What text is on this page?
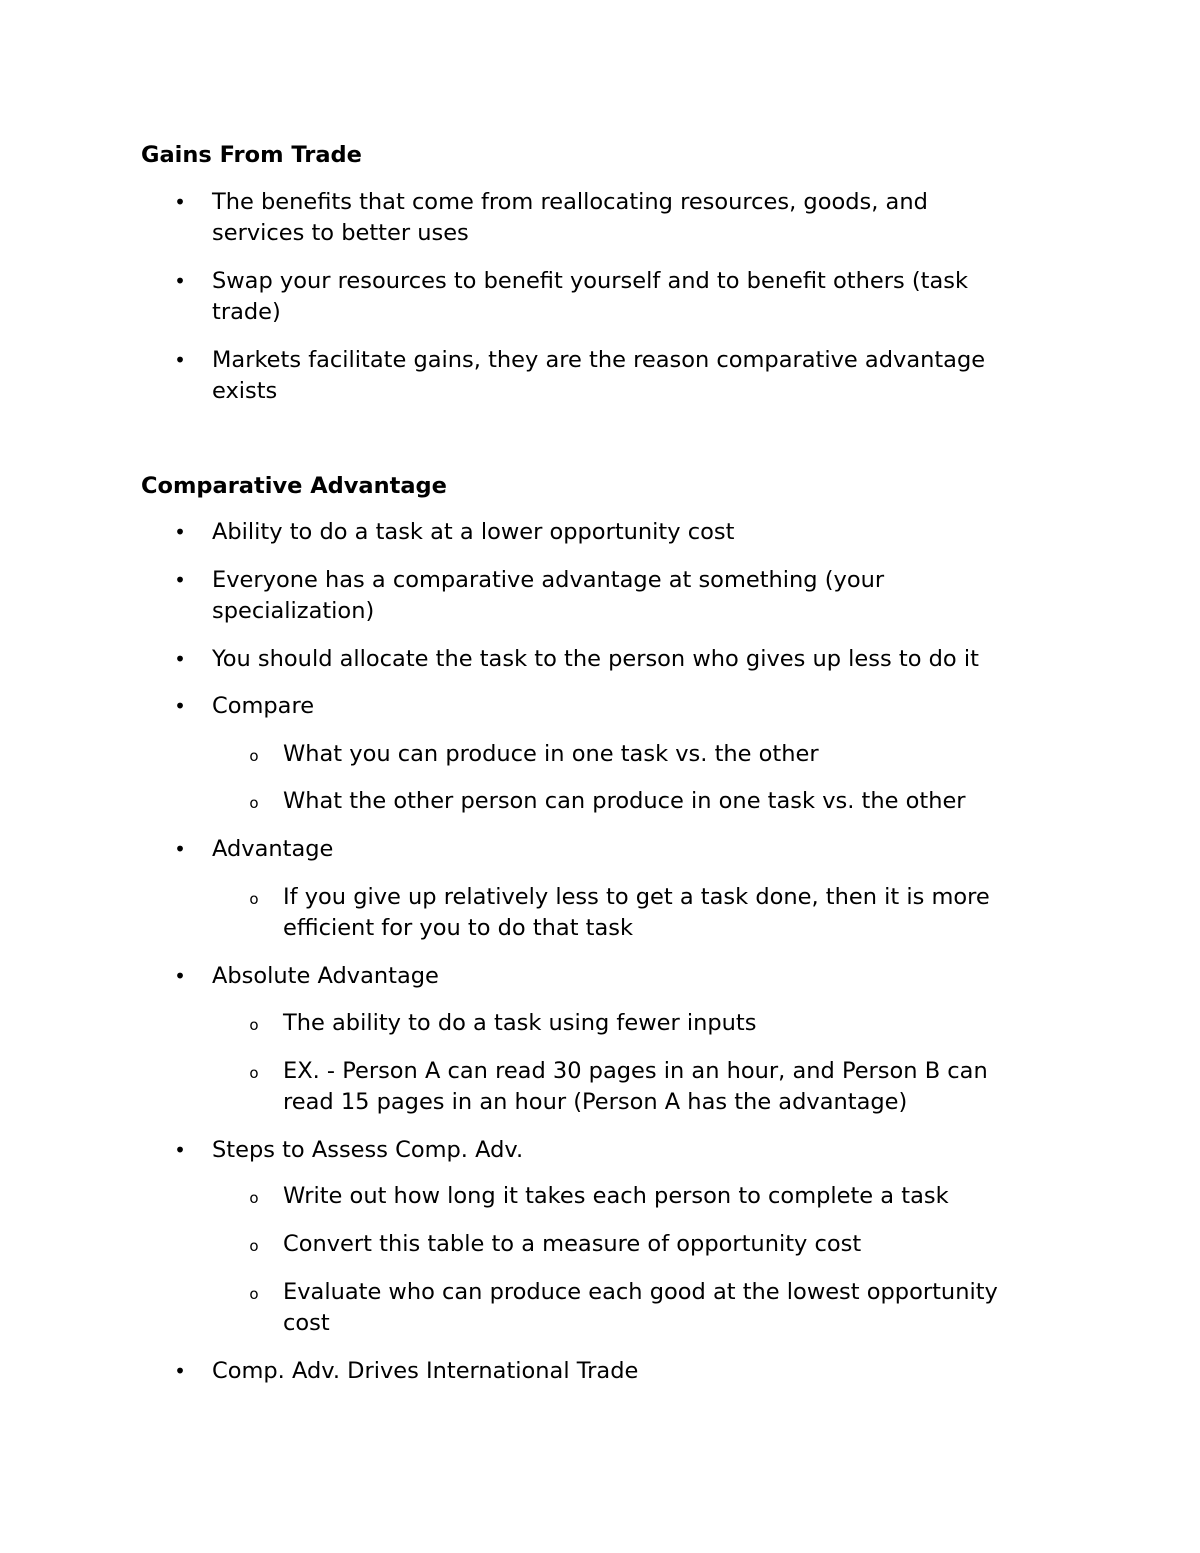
Gains From Trade

• The benefits that come from reallocating resources, goods, and

services to better uses

• Swap your resources to benefit yourself and to benefit others (task

trade)

• Markets facilitate gains, they are the reason comparative advantage

exists

Comparative Advantage

• Ability to do a task at a lower opportunity cost

• Everyone has a comparative advantage at something (your

specialization)

• You should allocate the task to the person who gives up less to do it

• Compare

o What you can produce in one task vs. the other

o What the other person can produce in one task vs. the other

• Advantage

o If you give up relatively less to get a task done, then it is more

efficient for you to do that task

• Absolute Advantage

o The ability to do a task using fewer inputs

o EX. - Person A can read 30 pages in an hour, and Person B can

read 15 pages in an hour (Person A has the advantage)

• Steps to Assess Comp. Adv.

o Write out how long it takes each person to complete a task

o Convert this table to a measure of opportunity cost

o Evaluate who can produce each good at the lowest opportunity

cost

• Comp. Adv. Drives International Trade
